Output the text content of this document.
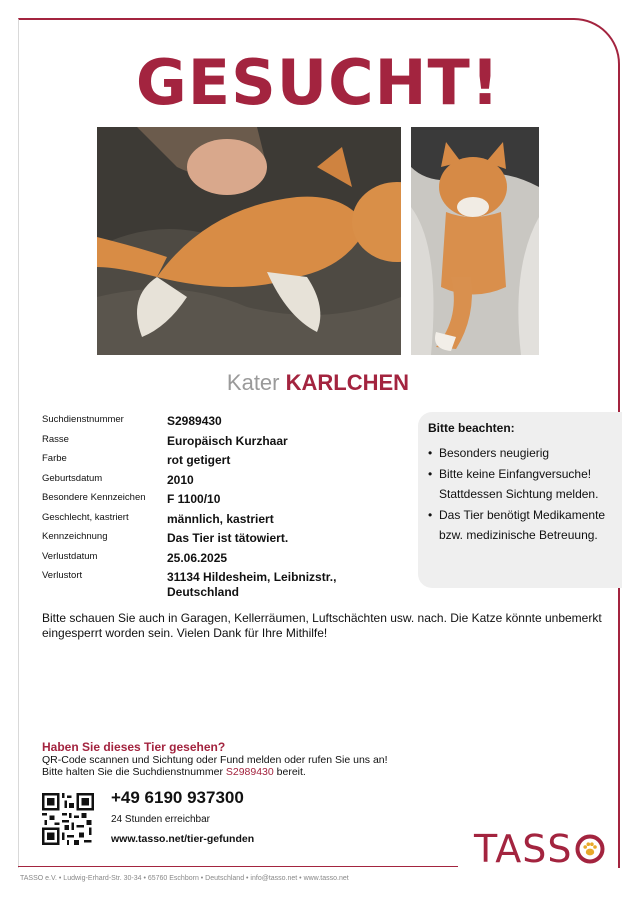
GESUCHT!
Kater KARLCHEN
Suchdienstnummer	S2989430
Rasse	Europäisch Kurzhaar
Farbe	rot getigert
Geburtsdatum	2010
Besondere Kennzeichen F 1100/10
Geschlecht, kastriert	männlich, kastriert
Kennzeichnung	Das Tier ist tätowiert.
Verlustdatum	25.06.2025
Verlustort	31134 Hildesheim, Leibnizstr.,
Deutschland
Bitte beachten:
• Besonders neugierig
• Bitte keine Einfangversuche! Stattdessen Sichtung melden.
• Das Tier benötigt Medikamente bzw. medizinische Betreuung.
Bitte schauen Sie auch in Garagen, Kellerräumen, Luftschächten usw. nach. Die Katze könnte unbemerkt eingesperrt worden sein. Vielen Dank für Ihre Mithilfe!
Haben Sie dieses Tier gesehen?
QR-Code scannen und Sichtung oder Fund melden oder rufen Sie uns an!
Bitte halten Sie die Suchdienstnummer S2989430 bereit.
+49 6190 937300
24 Stunden erreichbar
www.tasso.net/tier-gefunden	TASS
TASSO e.V. • Ludwig-Erhard-Str. 30-34 • 65760 Eschborn • Deutschland • info@tasso.net • www.tasso.net
